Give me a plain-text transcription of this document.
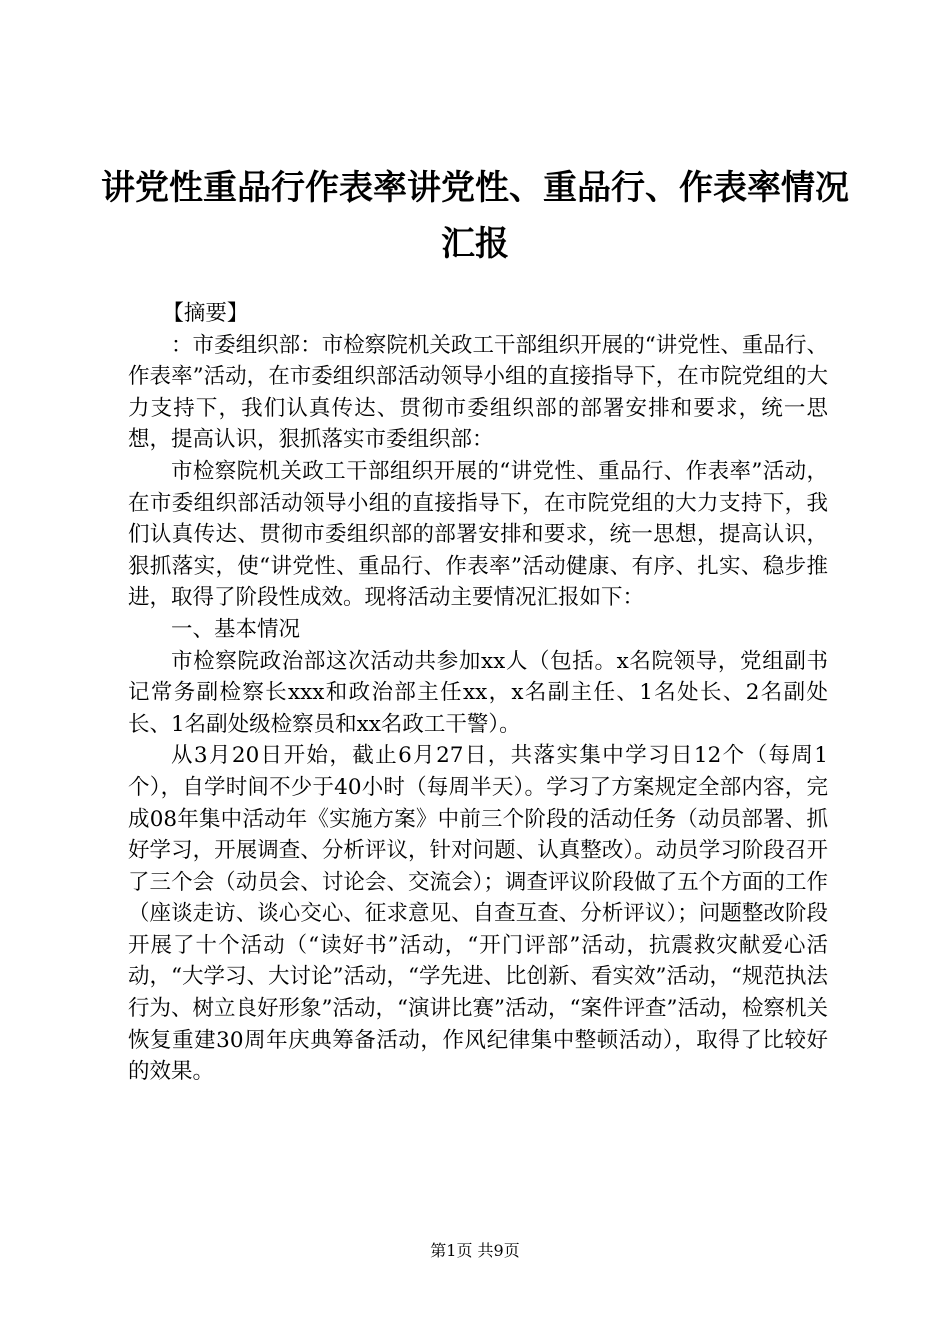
讲党性重品行作表率讲党性、重品行、作表率情况汇报

【摘要】

：市委组织部：市检察院机关政工干部组织开展的“讲党性、重品行、作表率”活动，在市委组织部活动领导小组的直接指导下，在市院党组的大力支持下，我们认真传达、贯彻市委组织部的部署安排和要求，统一思想，提高认识，狠抓落实市委组织部：

市检察院机关政工干部组织开展的“讲党性、重品行、作表率”活动，在市委组织部活动领导小组的直接指导下，在市院党组的大力支持下，我们认真传达、贯彻市委组织部的部署安排和要求，统一思想，提高认识，狠抓落实，使“讲党性、重品行、作表率”活动健康、有序、扎实、稳步推进，取得了阶段性成效。现将活动主要情况汇报如下：

一、基本情况

市检察院政治部这次活动共参加xx人（包括。x名院领导，党组副书记常务副检察长xxx和政治部主任xx，x名副主任、1名处长、2名副处长、1名副处级检察员和xx名政工干警）。

从3月20日开始，截止6月27日，共落实集中学习日12个（每周1个），自学时间不少于40小时（每周半天）。学习了方案规定全部内容，完成08年集中活动年《实施方案》中前三个阶段的活动任务（动员部署、抓好学习，开展调查、分析评议，针对问题、认真整改）。动员学习阶段召开了三个会（动员会、讨论会、交流会）；调查评议阶段做了五个方面的工作（座谈走访、谈心交心、征求意见、自查互查、分析评议）；问题整改阶段开展了十个活动（“读好书”活动，“开门评部”活动，抗震救灾献爱心活动，“大学习、大讨论”活动，“学先进、比创新、看实效”活动，“规范执法行为、树立良好形象”活动，“演讲比赛”活动，“案件评查”活动，检察机关恢复重建30周年庆典筹备活动，作风纪律集中整顿活动），取得了比较好的效果。

第1页 共9页
